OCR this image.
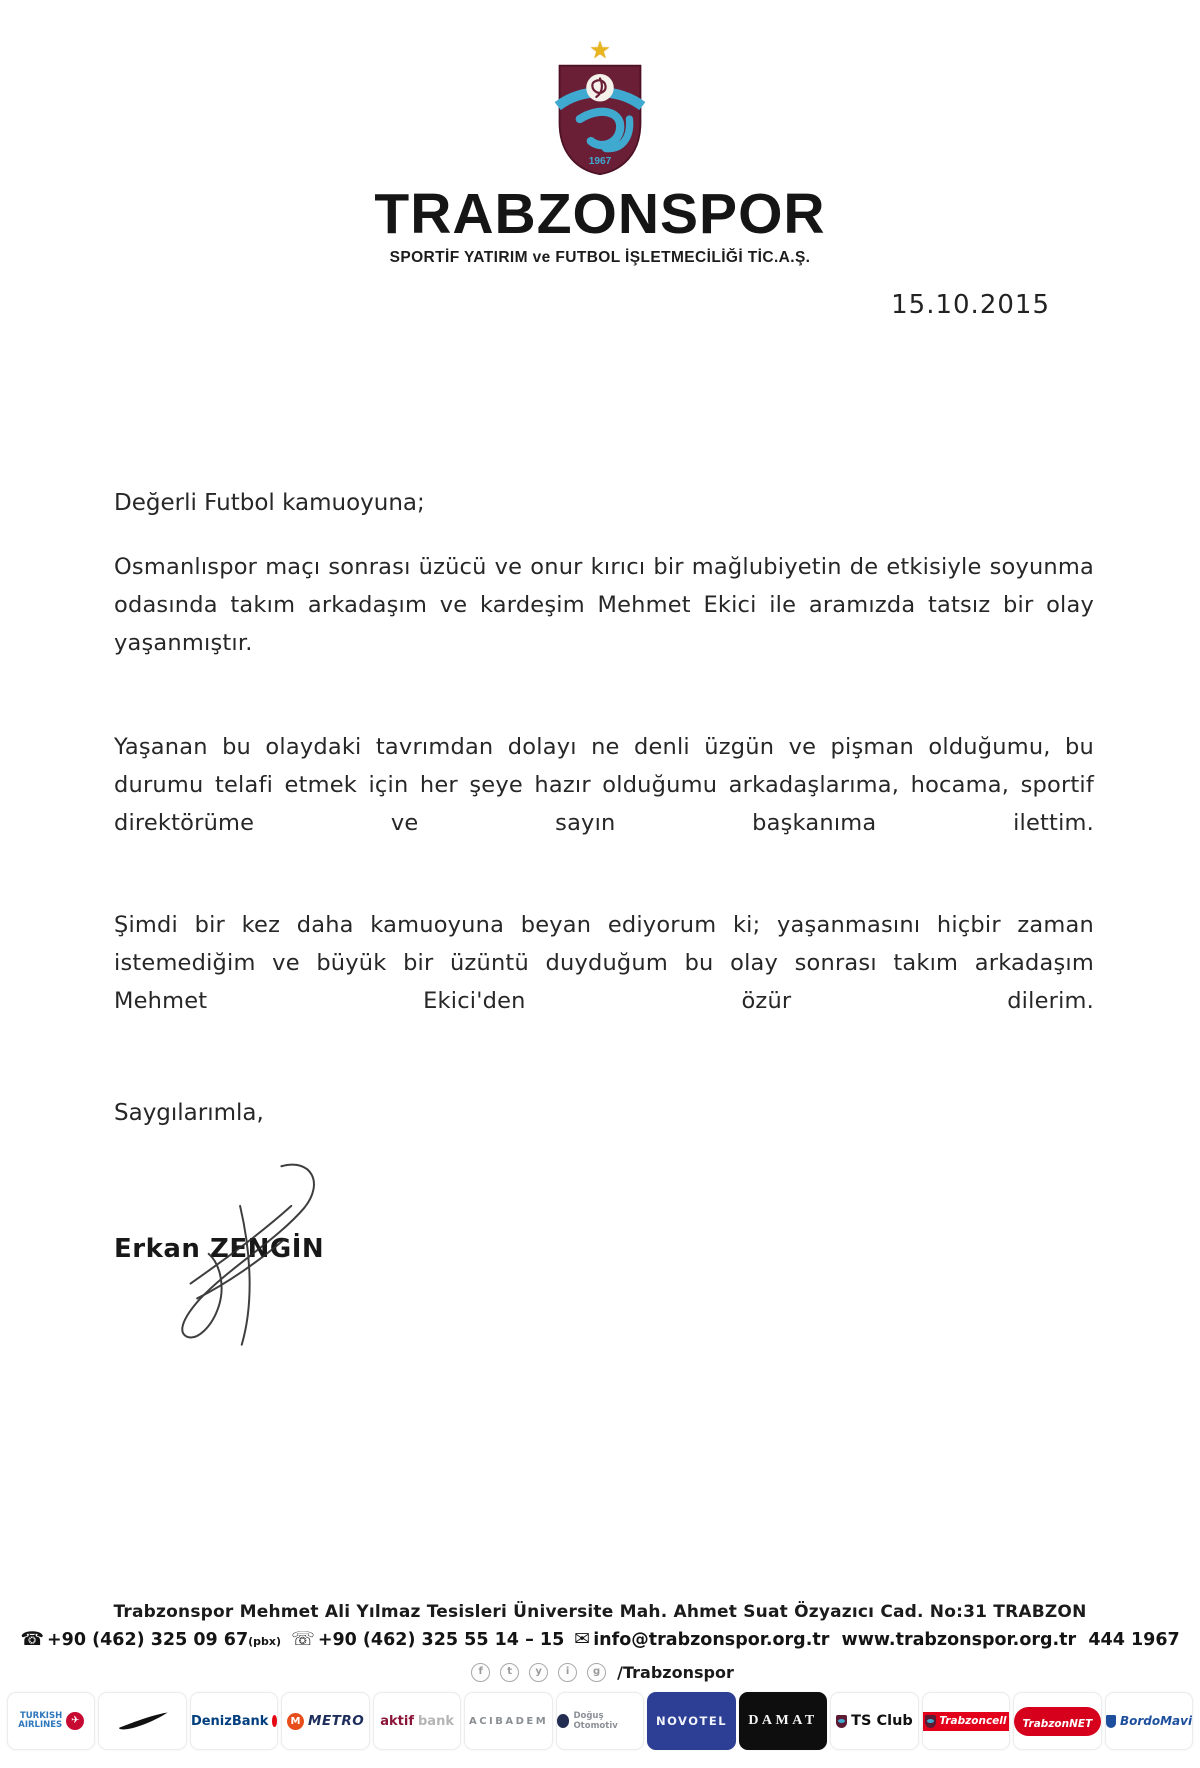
★
1967
TRABZONSPOR
SPORTİF YATIRIM ve FUTBOL İŞLETMECİLİĞİ TİC.A.Ş.
15.10.2015
Değerli Futbol kamuoyuna;

Osmanlıspor maçı sonrası üzücü ve onur kırıcı bir mağlubiyetin de etkisiyle soyunma odasında takım arkadaşım ve kardeşim Mehmet Ekici ile aramızda tatsız bir olay yaşanmıştır.

Yaşanan bu olaydaki tavrımdan dolayı ne denli üzgün ve pişman olduğumu, bu durumu telafi etmek için her şeye hazır olduğumu arkadaşlarıma, hocama, sportif direktörüme ve sayın başkanıma ilettim.

Şimdi bir kez daha kamuoyuna beyan ediyorum ki; yaşanmasını hiçbir zaman istemediğim ve büyük bir üzüntü duyduğum bu olay sonrası takım arkadaşım Mehmet Ekici'den özür dilerim.

Saygılarımla,
Erkan ZENGİN
Trabzonspor Mehmet Ali Yılmaz Tesisleri Üniversite Mah. Ahmet Suat Özyazıcı Cad. No:31 TRABZON
☎ +90 (462) 325 09 67(pbx) ☏ +90 (462) 325 55 14 – 15 ✉ info@trabzonspor.org.tr www.trabzonspor.org.tr 444 1967
f t y i g /Trabzonspor
TURKISH
AIRLINES ✈	DenizBank	M METRO aktif bank ACIBADEM	Doğuş Otomotiv	NOVOTEL DAMAT TS Club	Trabzoncell	TrabzonNET	BordoMavi
